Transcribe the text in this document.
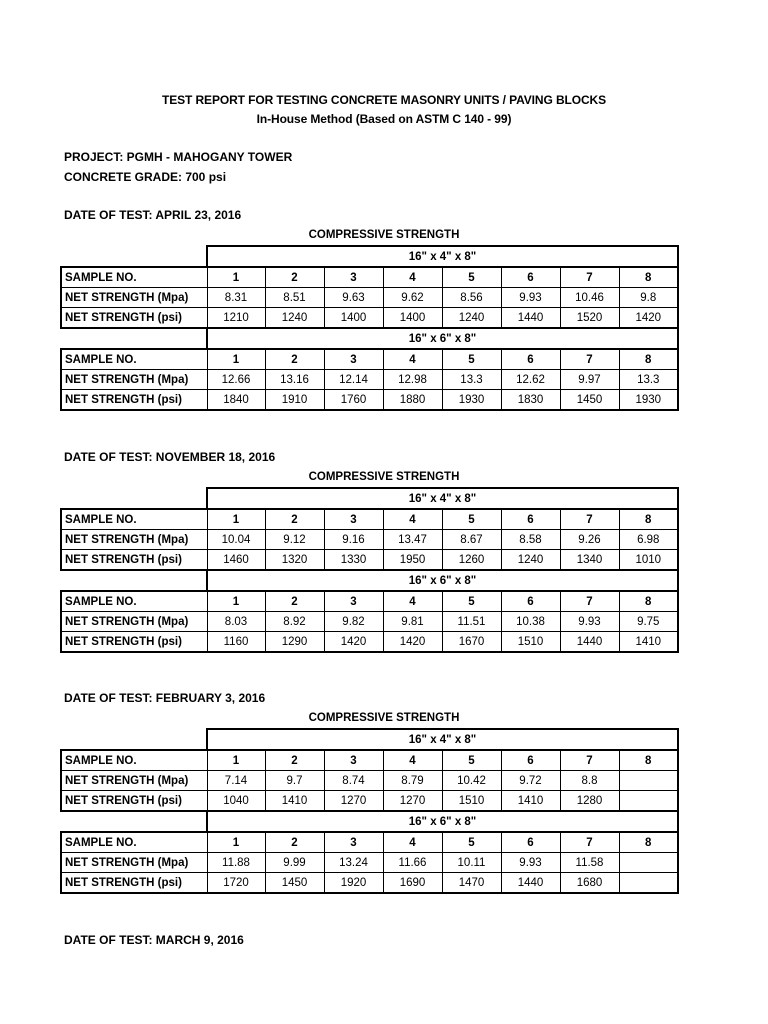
TEST REPORT FOR TESTING CONCRETE MASONRY UNITS / PAVING BLOCKS
In-House Method (Based on ASTM C 140 - 99)
PROJECT: PGMH - MAHOGANY TOWER
CONCRETE GRADE: 700 psi
DATE OF TEST: APRIL 23, 2016
COMPRESSIVE STRENGTH
	16" x 4" x 8"							
SAMPLE NO.	1	2	3	4	5	6	7	8
NET STRENGTH (Mpa)	8.31	8.51	9.63	9.62	8.56	9.93	10.46	9.8
NET STRENGTH (psi)	1210	1240	1400	1400	1240	1440	1520	1420
	16" x 6" x 8"							
SAMPLE NO.	1	2	3	4	5	6	7	8
NET STRENGTH (Mpa)	12.66	13.16	12.14	12.98	13.3	12.62	9.97	13.3
NET STRENGTH (psi)	1840	1910	1760	1880	1930	1830	1450	1930
DATE OF TEST: NOVEMBER 18, 2016
COMPRESSIVE STRENGTH
	16" x 4" x 8"							
SAMPLE NO.	1	2	3	4	5	6	7	8
NET STRENGTH (Mpa)	10.04	9.12	9.16	13.47	8.67	8.58	9.26	6.98
NET STRENGTH (psi)	1460	1320	1330	1950	1260	1240	1340	1010
	16" x 6" x 8"							
SAMPLE NO.	1	2	3	4	5	6	7	8
NET STRENGTH (Mpa)	8.03	8.92	9.82	9.81	11.51	10.38	9.93	9.75
NET STRENGTH (psi)	1160	1290	1420	1420	1670	1510	1440	1410
DATE OF TEST: FEBRUARY 3, 2016
COMPRESSIVE STRENGTH
	16" x 4" x 8"							
SAMPLE NO.	1	2	3	4	5	6	7	8
NET STRENGTH (Mpa)	7.14	9.7	8.74	8.79	10.42	9.72	8.8	
NET STRENGTH (psi)	1040	1410	1270	1270	1510	1410	1280	
	16" x 6" x 8"							
SAMPLE NO.	1	2	3	4	5	6	7	8
NET STRENGTH (Mpa)	11.88	9.99	13.24	11.66	10.11	9.93	11.58	
NET STRENGTH (psi)	1720	1450	1920	1690	1470	1440	1680	
DATE OF TEST: MARCH 9, 2016
